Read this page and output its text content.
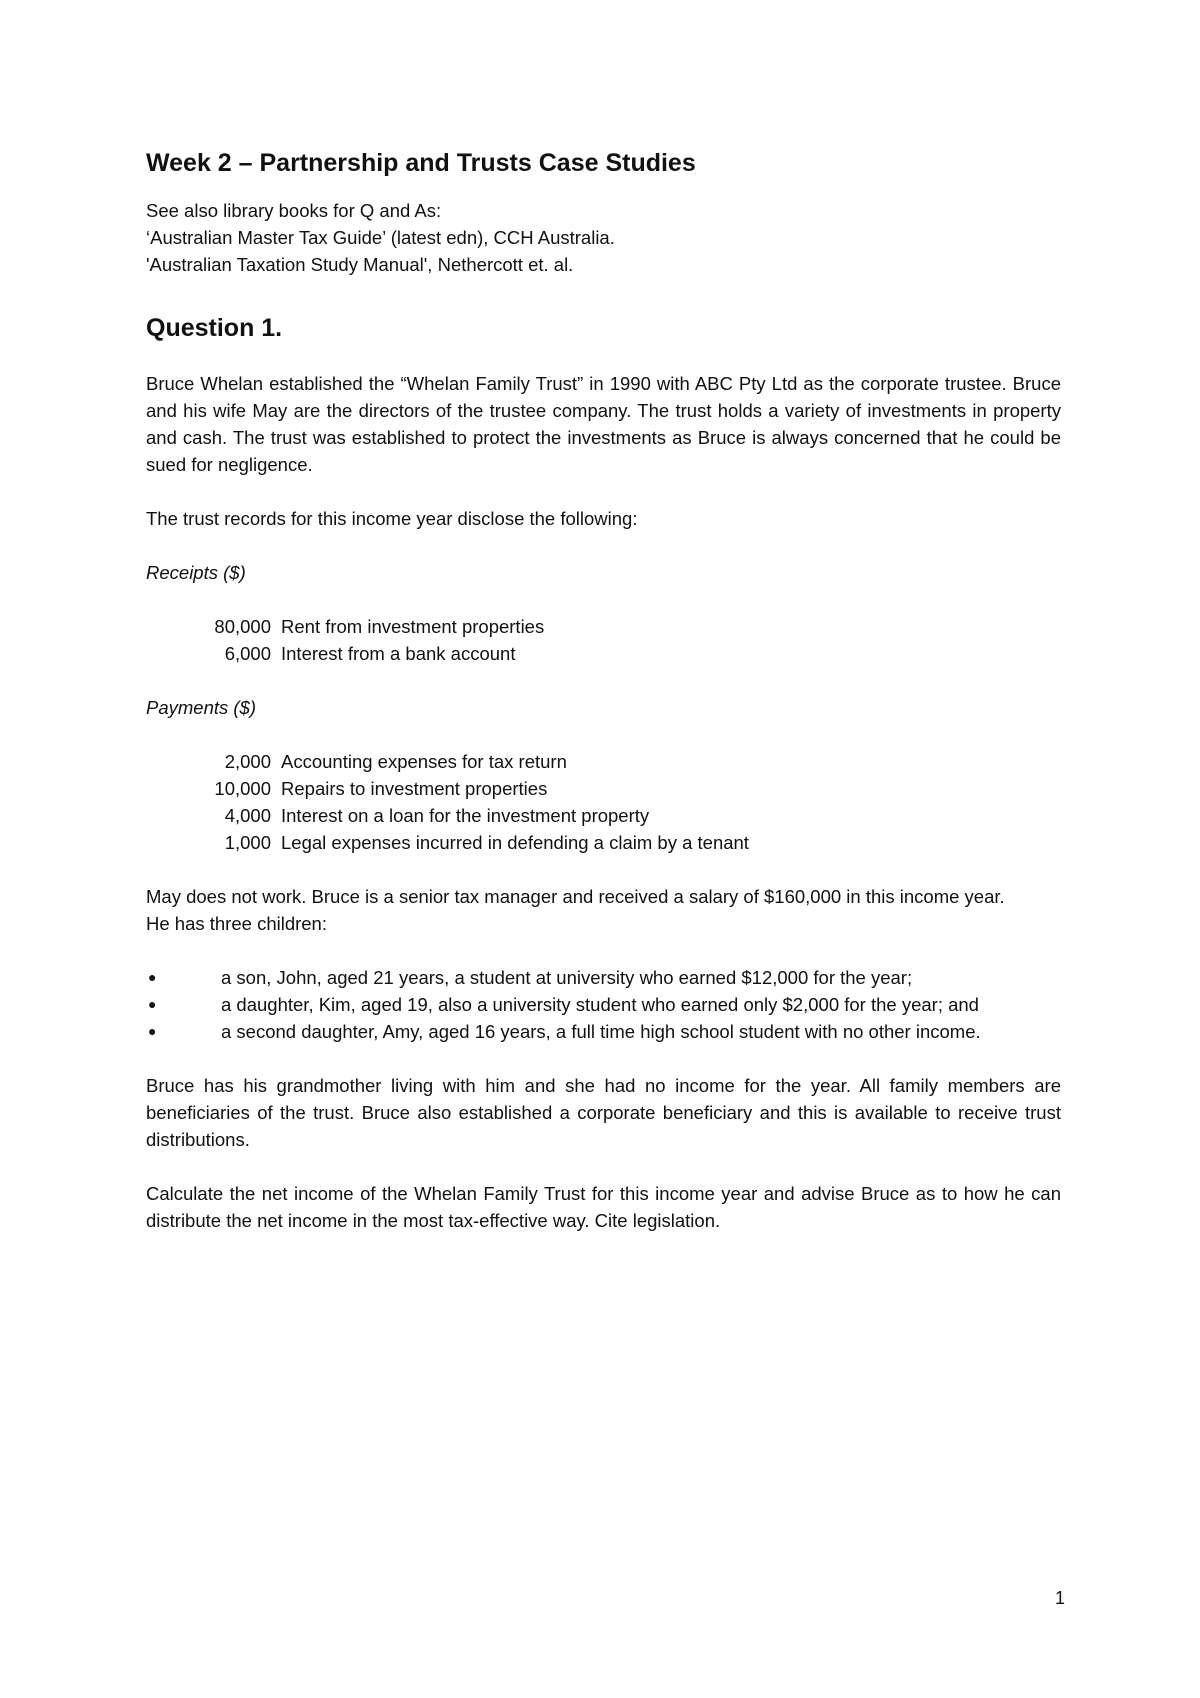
Week 2 – Partnership and Trusts Case Studies

See also library books for Q and As:

‘Australian Master Tax Guide’ (latest edn), CCH Australia.

'Australian Taxation Study Manual', Nethercott et. al.

Question 1.

Bruce Whelan established the “Whelan Family Trust” in 1990 with ABC Pty Ltd as the corporate trustee. Bruce and his wife May are the directors of the trustee company. The trust holds a variety of investments in property and cash. The trust was established to protect the investments as Bruce is always concerned that he could be sued for negligence.

The trust records for this income year disclose the following:

Receipts ($)

80,000 Rent from investment properties
6,000 Interest from a bank account

Payments ($)

2,000 Accounting expenses for tax return
10,000 Repairs to investment properties
4,000 Interest on a loan for the investment property
1,000 Legal expenses incurred in defending a claim by a tenant

May does not work. Bruce is a senior tax manager and received a salary of $160,000 in this income year.

He has three children:

●	a son, John, aged 21 years, a student at university who earned $12,000 for the year;
●	a daughter, Kim, aged 19, also a university student who earned only $2,000 for the year; and
●	a second daughter, Amy, aged 16 years, a full time high school student with no other income.

Bruce has his grandmother living with him and she had no income for the year. All family members are beneficiaries of the trust. Bruce also established a corporate beneficiary and this is available to receive trust distributions.

Calculate the net income of the Whelan Family Trust for this income year and advise Bruce as to how he can distribute the net income in the most tax-effective way. Cite legislation.

1
